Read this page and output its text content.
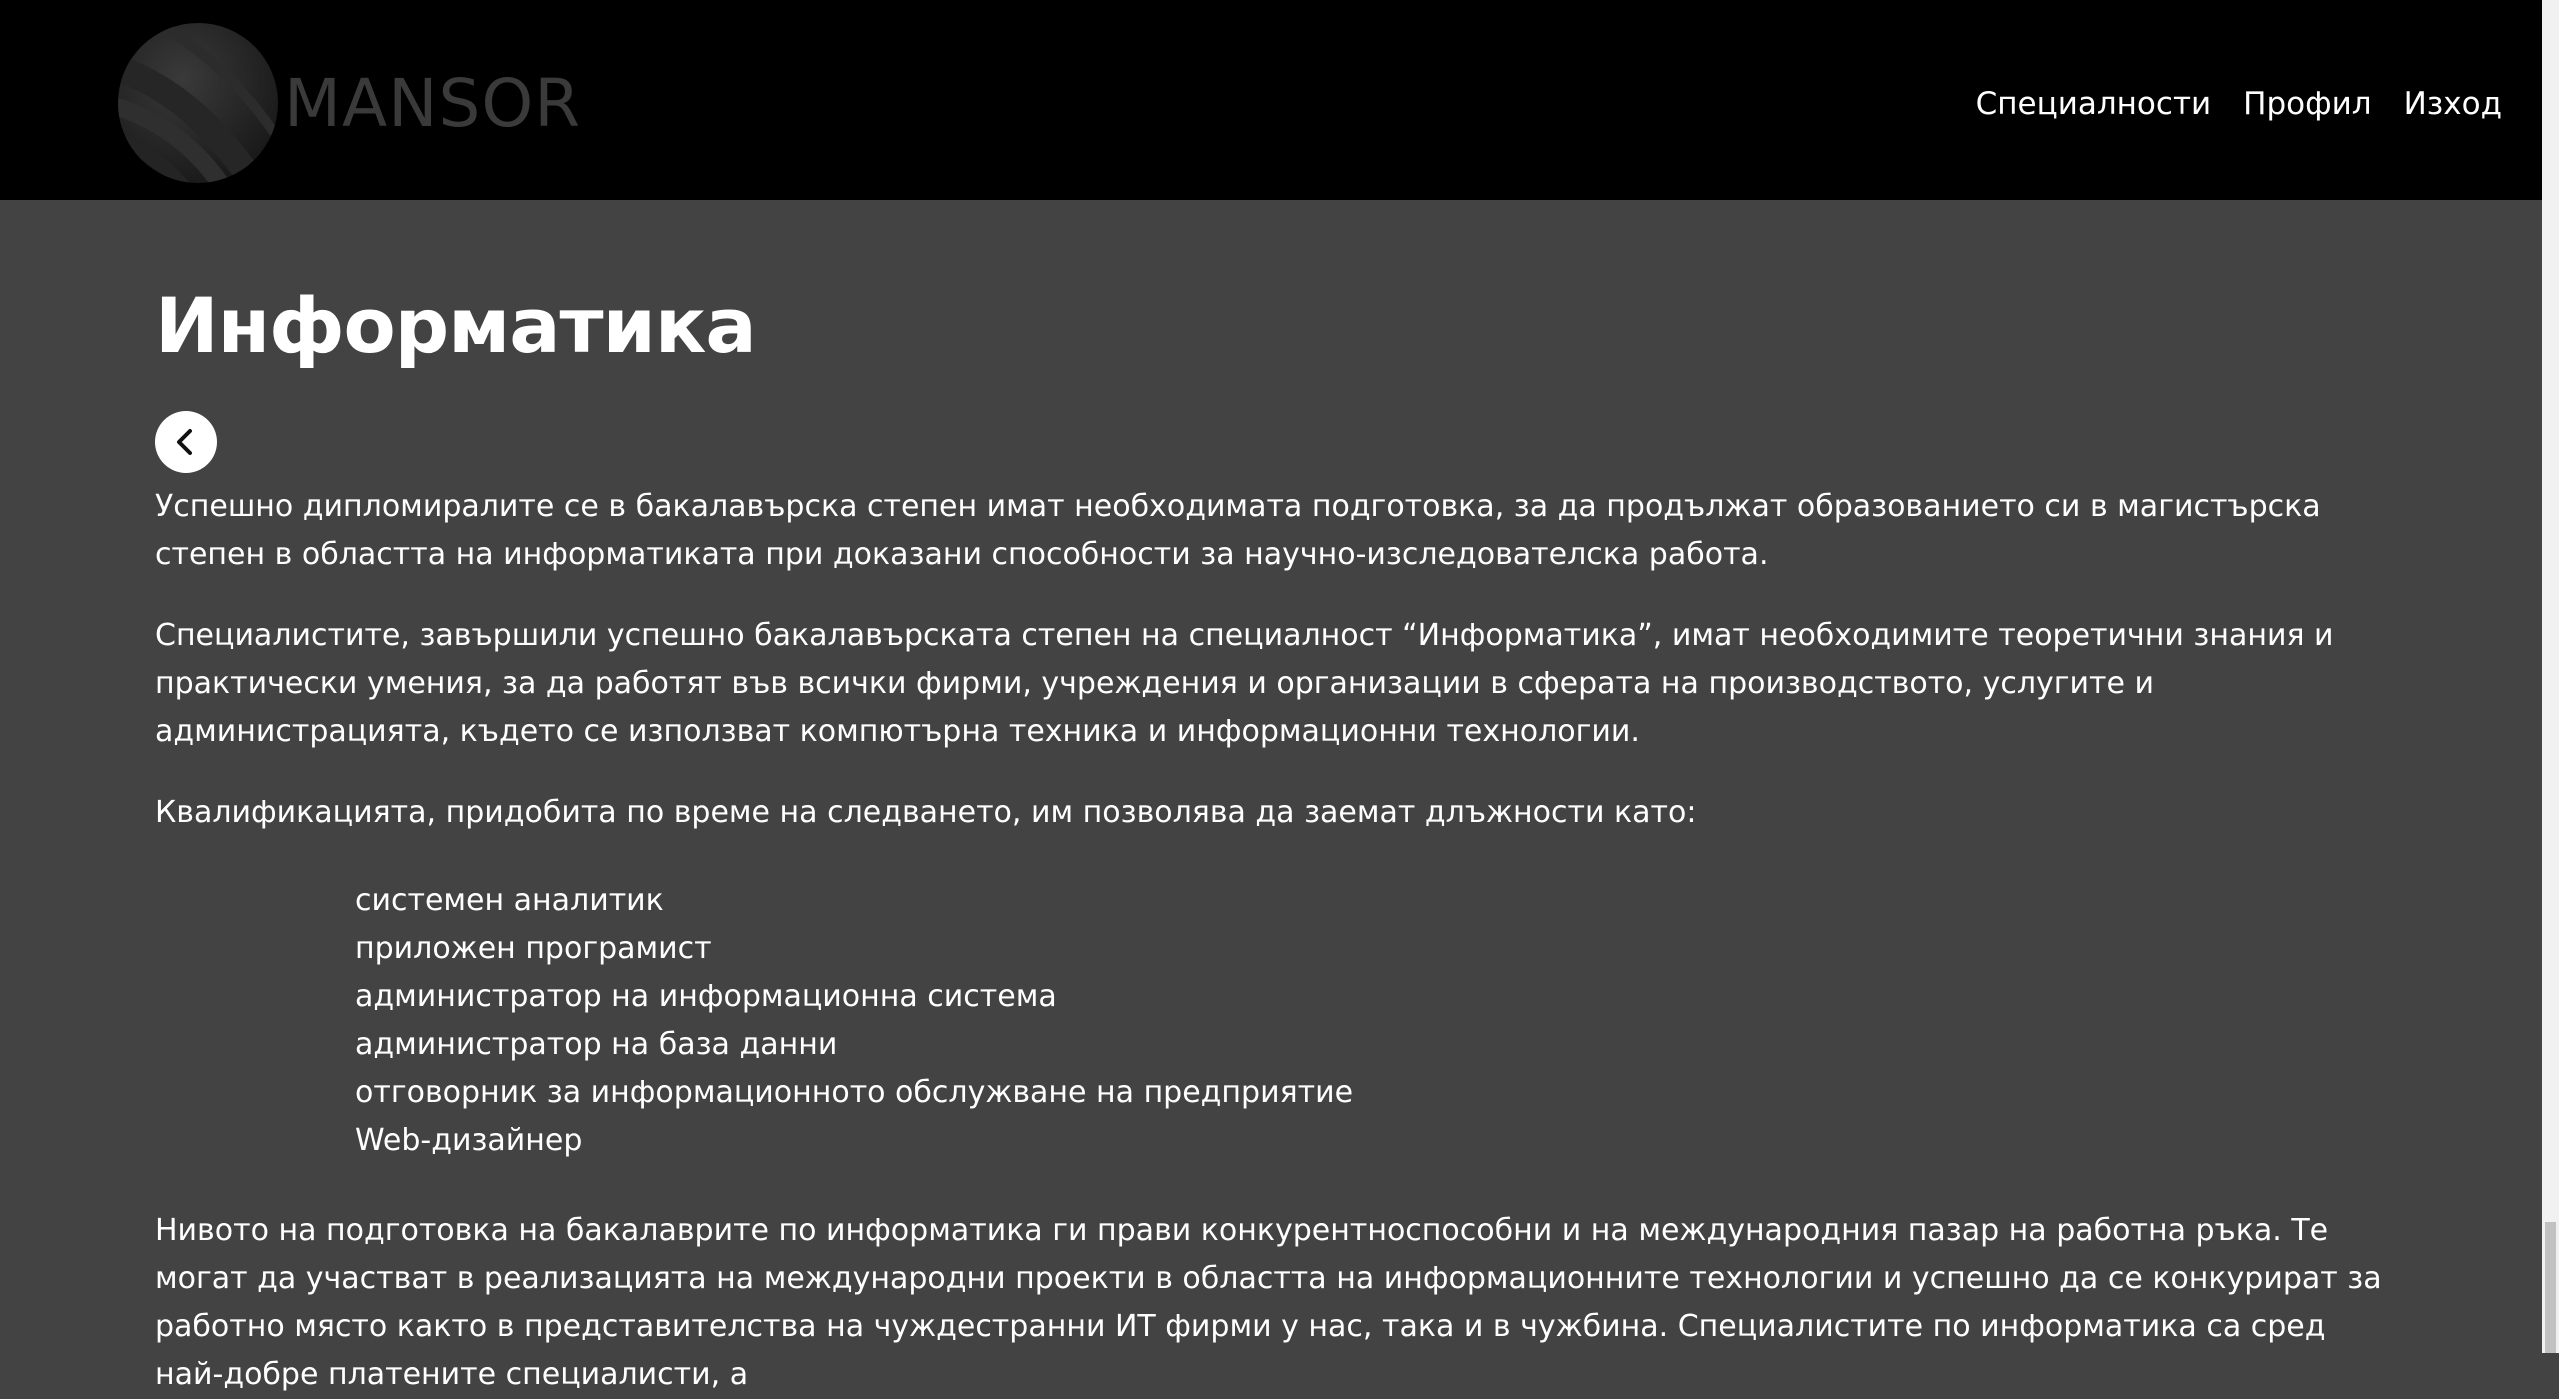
MANSOR	Специалности Профил Изход
Информатика

Успешно дипломиралите се в бакалавърска степен имат необходимата подготовка, за да продължат образованието си в магистърска степен в областта на информатиката при доказани способности за научно-изследователска работа.

Специалистите, завършили успешно бакалавърската степен на специалност “Информатика”, имат необходимите теоретични знания и практически умения, за да работят във всички фирми, учреждения и организации в сферата на производството, услугите и администрацията, където се използват компютърна техника и информационни технологии.

Квалификацията, придобита по време на следването, им позволява да заемат длъжности като:

системен аналитик
приложен програмист
администратор на информационна система
администратор на база данни
отговорник за информационното обслужване на предприятие
Web-дизайнер

Нивото на подготовка на бакалаврите по информатика ги прави конкурентноспособни и на международния пазар на работна ръка. Те могат да участват в реализацията на международни проекти в областта на информационните технологии и успешно да се конкурират за работно място както в представителства на чуждестранни ИТ фирми у нас, така и в чужбина. Специалистите по информатика са сред най-добре платените специалисти, а
